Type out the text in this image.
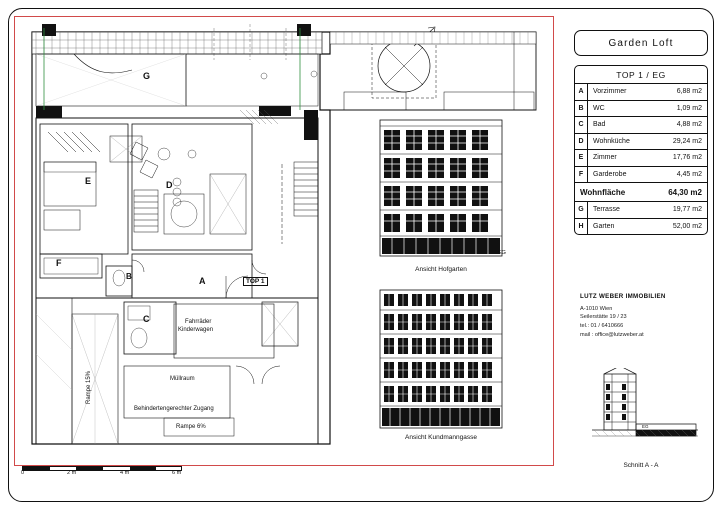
G
E	D
F
A
B
C
TOP 1
Fahrräder
Kinderwagen
Müllraum
Behindertengerechter Zugang
Rampe 6%
Rampe 15%
EG
Ansicht Hofgarten
Ansicht Kundmanngasse
Garden Loft
TOP 1 / EG
A	Vorzimmer	6,88 m2
B	WC	1,09 m2
C	Bad	4,88 m2
D	Wohnküche	29,24 m2
E	Zimmer	17,76 m2
F	Garderobe	4,45 m2
Wohnfläche	64,30 m2
G	Terrasse	19,77 m2
H	Garten	52,00 m2
LUTZ WEBER IMMOBILIEN
A-1010 Wien
Seilerstätte 19 / 23
tel.: 01 / 6410666
mail : office@lutzweber.at
EG
Schnitt A - A
0	2 m	4 m	6 m
